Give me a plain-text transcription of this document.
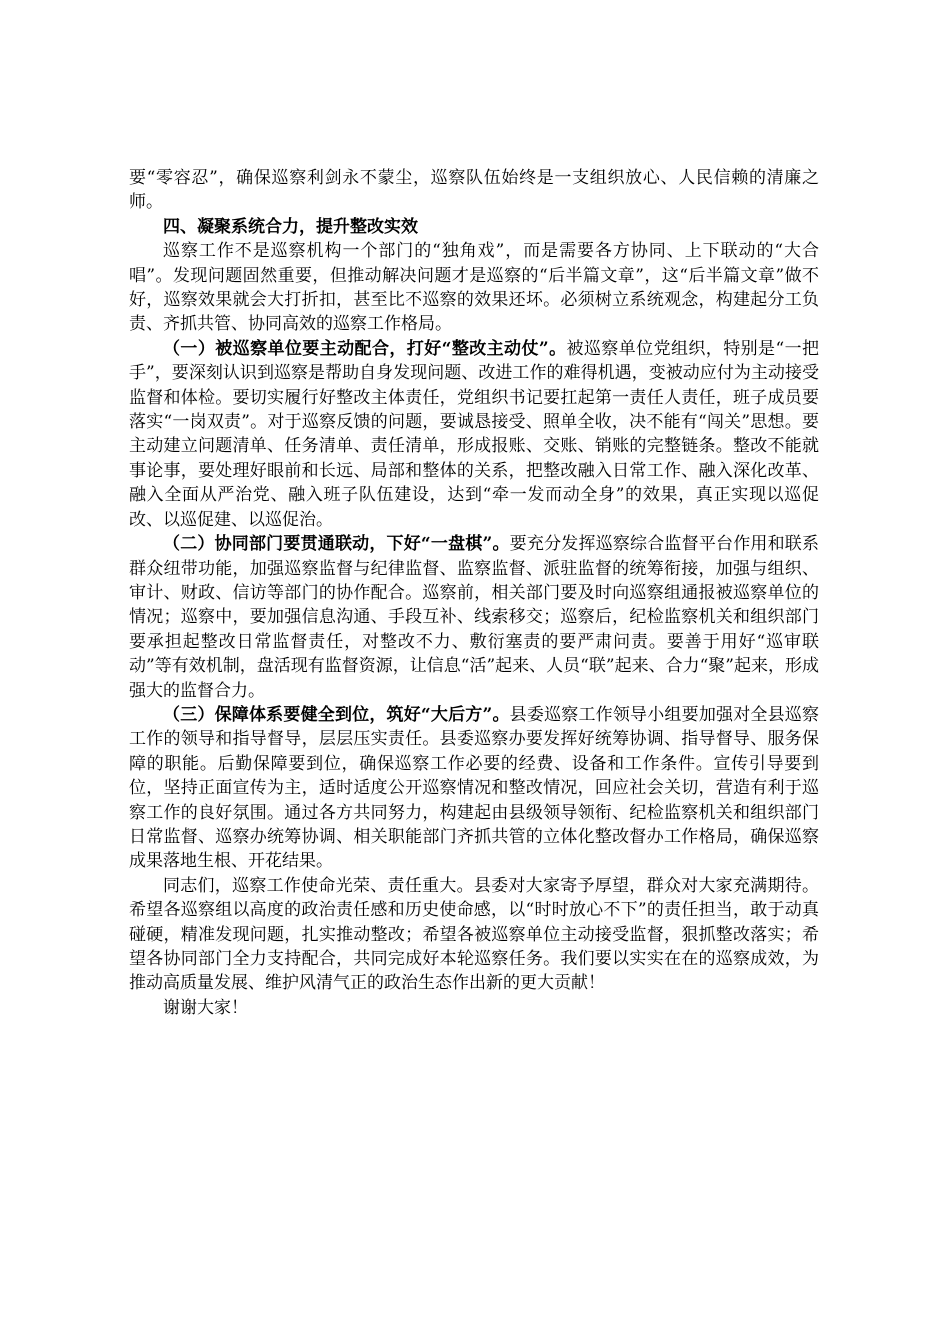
要“零容忍”，确保巡察利剑永不蒙尘，巡察队伍始终是一支组织放心、人民信赖的清廉之师。

四、凝聚系统合力，提升整改实效

巡察工作不是巡察机构一个部门的“独角戏”，而是需要各方协同、上下联动的“大合唱”。发现问题固然重要，但推动解决问题才是巡察的“后半篇文章”，这“后半篇文章”做不好，巡察效果就会大打折扣，甚至比不巡察的效果还坏。必须树立系统观念，构建起分工负责、齐抓共管、协同高效的巡察工作格局。

（一）被巡察单位要主动配合，打好“整改主动仗”。被巡察单位党组织，特别是“一把手”，要深刻认识到巡察是帮助自身发现问题、改进工作的难得机遇，变被动应付为主动接受监督和体检。要切实履行好整改主体责任，党组织书记要扛起第一责任人责任，班子成员要落实“一岗双责”。对于巡察反馈的问题，要诚恳接受、照单全收，决不能有“闯关”思想。要主动建立问题清单、任务清单、责任清单，形成报账、交账、销账的完整链条。整改不能就事论事，要处理好眼前和长远、局部和整体的关系，把整改融入日常工作、融入深化改革、融入全面从严治党、融入班子队伍建设，达到“牵一发而动全身”的效果，真正实现以巡促改、以巡促建、以巡促治。

（二）协同部门要贯通联动，下好“一盘棋”。要充分发挥巡察综合监督平台作用和联系群众纽带功能，加强巡察监督与纪律监督、监察监督、派驻监督的统筹衔接，加强与组织、审计、财政、信访等部门的协作配合。巡察前，相关部门要及时向巡察组通报被巡察单位的情况；巡察中，要加强信息沟通、手段互补、线索移交；巡察后，纪检监察机关和组织部门要承担起整改日常监督责任，对整改不力、敷衍塞责的要严肃问责。要善于用好“巡审联动”等有效机制，盘活现有监督资源，让信息“活”起来、人员“联”起来、合力“聚”起来，形成强大的监督合力。

（三）保障体系要健全到位，筑好“大后方”。县委巡察工作领导小组要加强对全县巡察工作的领导和指导督导，层层压实责任。县委巡察办要发挥好统筹协调、指导督导、服务保障的职能。后勤保障要到位，确保巡察工作必要的经费、设备和工作条件。宣传引导要到位，坚持正面宣传为主，适时适度公开巡察情况和整改情况，回应社会关切，营造有利于巡察工作的良好氛围。通过各方共同努力，构建起由县级领导领衔、纪检监察机关和组织部门日常监督、巡察办统筹协调、相关职能部门齐抓共管的立体化整改督办工作格局，确保巡察成果落地生根、开花结果。

同志们，巡察工作使命光荣、责任重大。县委对大家寄予厚望，群众对大家充满期待。希望各巡察组以高度的政治责任感和历史使命感，以“时时放心不下”的责任担当，敢于动真碰硬，精准发现问题，扎实推动整改；希望各被巡察单位主动接受监督，狠抓整改落实；希望各协同部门全力支持配合，共同完成好本轮巡察任务。我们要以实实在在的巡察成效，为推动高质量发展、维护风清气正的政治生态作出新的更大贡献！

谢谢大家！
